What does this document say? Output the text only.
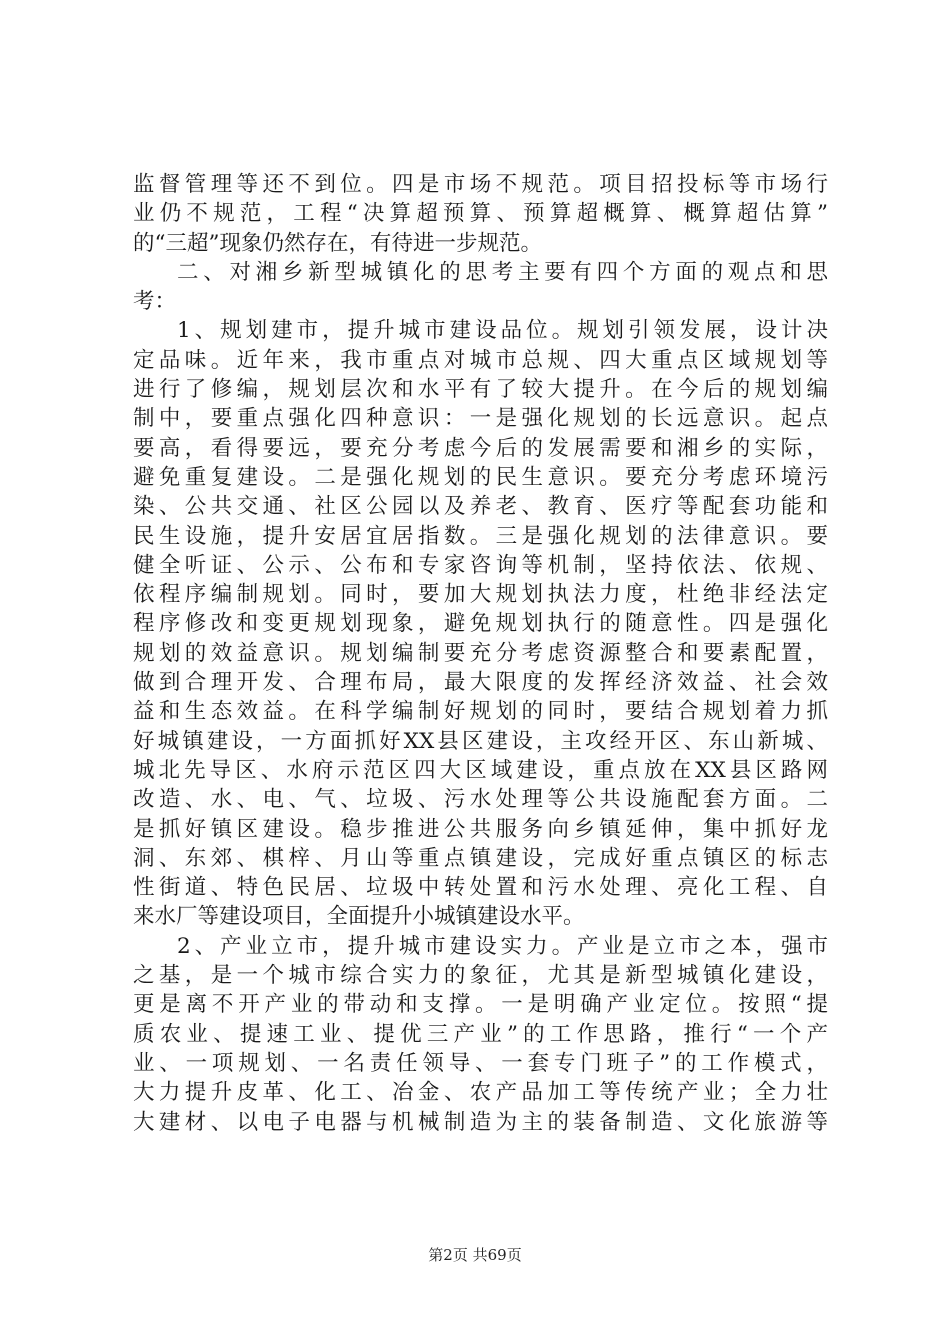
监督管理等还不到位。四是市场不规范。项目招投标等市场行
业仍不规范，工程“决算超预算、预算超概算、概算超估算”
的“三超”现象仍然存在，有待进一步规范。
二、对湘乡新型城镇化的思考主要有四个方面的观点和思
考：
1、规划建市，提升城市建设品位。规划引领发展，设计决
定品味。近年来，我市重点对城市总规、四大重点区域规划等
进行了修编，规划层次和水平有了较大提升。在今后的规划编
制中，要重点强化四种意识：一是强化规划的长远意识。起点
要高，看得要远，要充分考虑今后的发展需要和湘乡的实际，
避免重复建设。二是强化规划的民生意识。要充分考虑环境污
染、公共交通、社区公园以及养老、教育、医疗等配套功能和
民生设施，提升安居宜居指数。三是强化规划的法律意识。要
健全听证、公示、公布和专家咨询等机制，坚持依法、依规、
依程序编制规划。同时，要加大规划执法力度，杜绝非经法定
程序修改和变更规划现象，避免规划执行的随意性。四是强化
规划的效益意识。规划编制要充分考虑资源整合和要素配置，
做到合理开发、合理布局，最大限度的发挥经济效益、社会效
益和生态效益。在科学编制好规划的同时，要结合规划着力抓
好城镇建设，一方面抓好XX县区建设，主攻经开区、东山新城、
城北先导区、水府示范区四大区域建设，重点放在XX县区路网
改造、水、电、气、垃圾、污水处理等公共设施配套方面。二
是抓好镇区建设。稳步推进公共服务向乡镇延伸，集中抓好龙
洞、东郊、棋梓、月山等重点镇建设，完成好重点镇区的标志
性街道、特色民居、垃圾中转处置和污水处理、亮化工程、自
来水厂等建设项目，全面提升小城镇建设水平。
2、产业立市，提升城市建设实力。产业是立市之本，强市
之基，是一个城市综合实力的象征，尤其是新型城镇化建设，
更是离不开产业的带动和支撑。一是明确产业定位。按照“提
质农业、提速工业、提优三产业”的工作思路，推行“一个产
业、一项规划、一名责任领导、一套专门班子”的工作模式，
大力提升皮革、化工、冶金、农产品加工等传统产业；全力壮
大建材、以电子电器与机械制造为主的装备制造、文化旅游等
第2页 共69页
